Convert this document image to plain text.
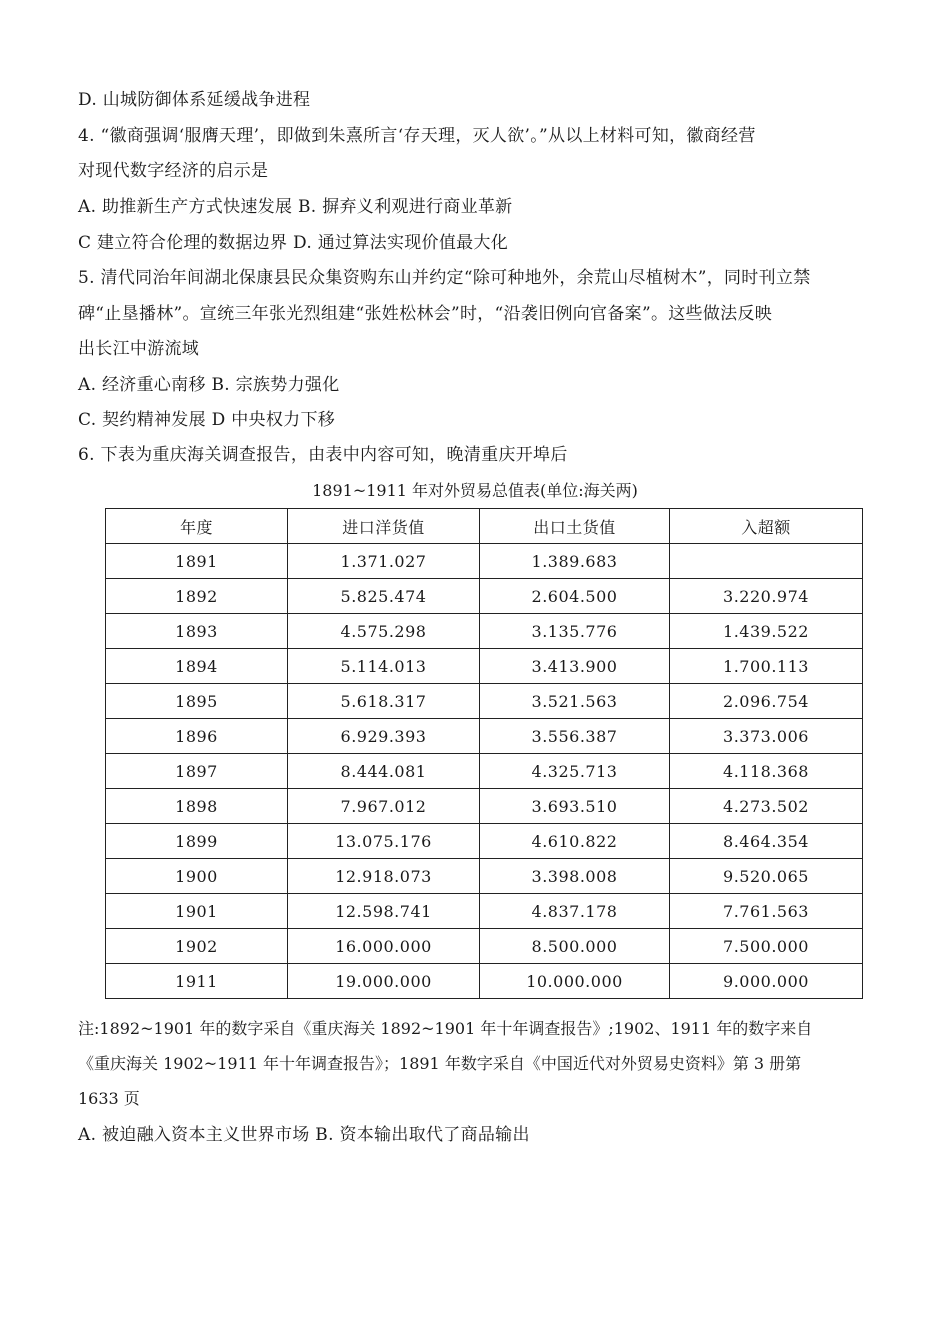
D. 山城防御体系延缓战争进程
4. “徽商强调‘服膺天理’，即做到朱熹所言‘存天理，灭人欲’。”从以上材料可知，徽商经营
对现代数字经济的启示是
A. 助推新生产方式快速发展 B. 摒弃义利观进行商业革新
C 建立符合伦理的数据边界 D. 通过算法实现价值最大化
5. 清代同治年间湖北保康县民众集资购东山并约定“除可种地外，余荒山尽植树木”，同时刊立禁
碑“止垦播林”。宣统三年张光烈组建“张姓松林会”时，“沿袭旧例向官备案”。这些做法反映
出长江中游流域
A. 经济重心南移 B. 宗族势力强化
C. 契约精神发展 D 中央权力下移
6. 下表为重庆海关调查报告，由表中内容可知，晚清重庆开埠后
1891~1911 年对外贸易总值表(单位:海关两)
年度	进口洋货值	出口土货值	入超额
1891	1.371.027	1.389.683	
1892	5.825.474	2.604.500	3.220.974
1893	4.575.298	3.135.776	1.439.522
1894	5.114.013	3.413.900	1.700.113
1895	5.618.317	3.521.563	2.096.754
1896	6.929.393	3.556.387	3.373.006
1897	8.444.081	4.325.713	4.118.368
1898	7.967.012	3.693.510	4.273.502
1899	13.075.176	4.610.822	8.464.354
1900	12.918.073	3.398.008	9.520.065
1901	12.598.741	4.837.178	7.761.563
1902	16.000.000	8.500.000	7.500.000
1911	19.000.000	10.000.000	9.000.000
注:1892~1901 年的数字采自《重庆海关 1892~1901 年十年调查报告》;1902、1911 年的数字来自
《重庆海关 1902~1911 年十年调查报告》；1891 年数字采自《中国近代对外贸易史资料》第 3 册第
1633 页
A. 被迫融入资本主义世界市场 B. 资本输出取代了商品输出
